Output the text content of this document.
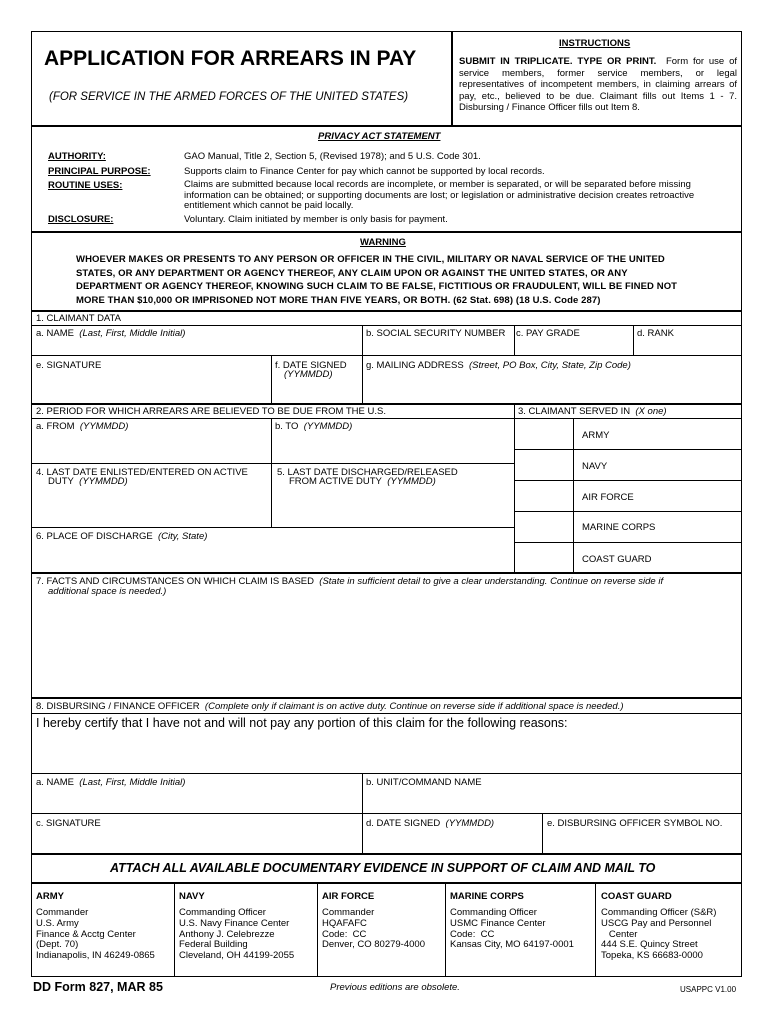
APPLICATION FOR ARREARS IN PAY
(FOR SERVICE IN THE ARMED FORCES OF THE UNITED STATES)
INSTRUCTIONS
SUBMIT IN TRIPLICATE. TYPE OR PRINT. Form for use of service members, former service members, or legal representatives of incompetent members, in claiming arrears of pay, etc., believed to be due. Claimant fills out Items 1 - 7. Disbursing / Finance Officer fills out Item 8.
PRIVACY ACT STATEMENT
AUTHORITY:	GAO Manual, Title 2, Section 5, (Revised 1978); and 5 U.S. Code 301.
PRINCIPAL PURPOSE:	Supports claim to Finance Center for pay which cannot be supported by local records.
ROUTINE USES:	Claims are submitted because local records are incomplete, or member is separated, or will be separated before missing information can be obtained; or supporting documents are lost; or legislation or administrative decision creates retroactive entitlement which cannot be paid locally.
DISCLOSURE:	Voluntary. Claim initiated by member is only basis for payment.
WARNING
WHOEVER MAKES OR PRESENTS TO ANY PERSON OR OFFICER IN THE CIVIL, MILITARY OR NAVAL SERVICE OF THE UNITED STATES, OR ANY DEPARTMENT OR AGENCY THEREOF, ANY CLAIM UPON OR AGAINST THE UNITED STATES, OR ANY DEPARTMENT OR AGENCY THEREOF, KNOWING SUCH CLAIM TO BE FALSE, FICTITIOUS OR FRAUDULENT, WILL BE FINED NOT MORE THAN $10,000 OR IMPRISONED NOT MORE THAN FIVE YEARS, OR BOTH. (62 Stat. 698) (18 U.S. Code 287)
1. CLAIMANT DATA
a. NAME (Last, First, Middle Initial)	b. SOCIAL SECURITY NUMBER c. PAY GRADE	d. RANK
e. SIGNATURE	f. DATE SIGNED
(YYMMDD)
g. MAILING ADDRESS (Street, PO Box, City, State, Zip Code)
2. PERIOD FOR WHICH ARREARS ARE BELIEVED TO BE DUE FROM THE U.S.
a. FROM (YYMMDD)	b. TO (YYMMDD)
4. LAST DATE ENLISTED/ENTERED ON ACTIVE
DUTY (YYMMDD)
5. LAST DATE DISCHARGED/RELEASED
FROM ACTIVE DUTY (YYMMDD)
6. PLACE OF DISCHARGE (City, State)
3. CLAIMANT SERVED IN (X one)
ARMY
NAVY
AIR FORCE
MARINE CORPS
COAST GUARD
7. FACTS AND CIRCUMSTANCES ON WHICH CLAIM IS BASED (State in sufficient detail to give a clear understanding. Continue on reverse side if
additional space is needed.)
8. DISBURSING / FINANCE OFFICER (Complete only if claimant is on active duty. Continue on reverse side if additional space is needed.)
I hereby certify that I have not and will not pay any portion of this claim for the following reasons:
a. NAME (Last, First, Middle Initial)	b. UNIT/COMMAND NAME
c. SIGNATURE	d. DATE SIGNED (YYMMDD)	e. DISBURSING OFFICER SYMBOL NO.
ATTACH ALL AVAILABLE DOCUMENTARY EVIDENCE IN SUPPORT OF CLAIM AND MAIL TO
ARMY
Commander
U.S. Army
Finance & Acctg Center
(Dept. 70)
Indianapolis, IN 46249-0865
NAVY
Commanding Officer
U.S. Navy Finance Center
Anthony J. Celebrezze
Federal Building
Cleveland, OH 44199-2055
AIR FORCE
Commander
HQAFAFC
Code:  CC
Denver, CO 80279-4000
MARINE CORPS
Commanding Officer
USMC Finance Center
Code:  CC
Kansas City, MO 64197-0001
COAST GUARD
Commanding Officer (S&R)
USCG Pay and Personnel
Center
444 S.E. Quincy Street
Topeka, KS 66683-0000
DD Form 827, MAR 85	Previous editions are obsolete.	USAPPC V1.00
